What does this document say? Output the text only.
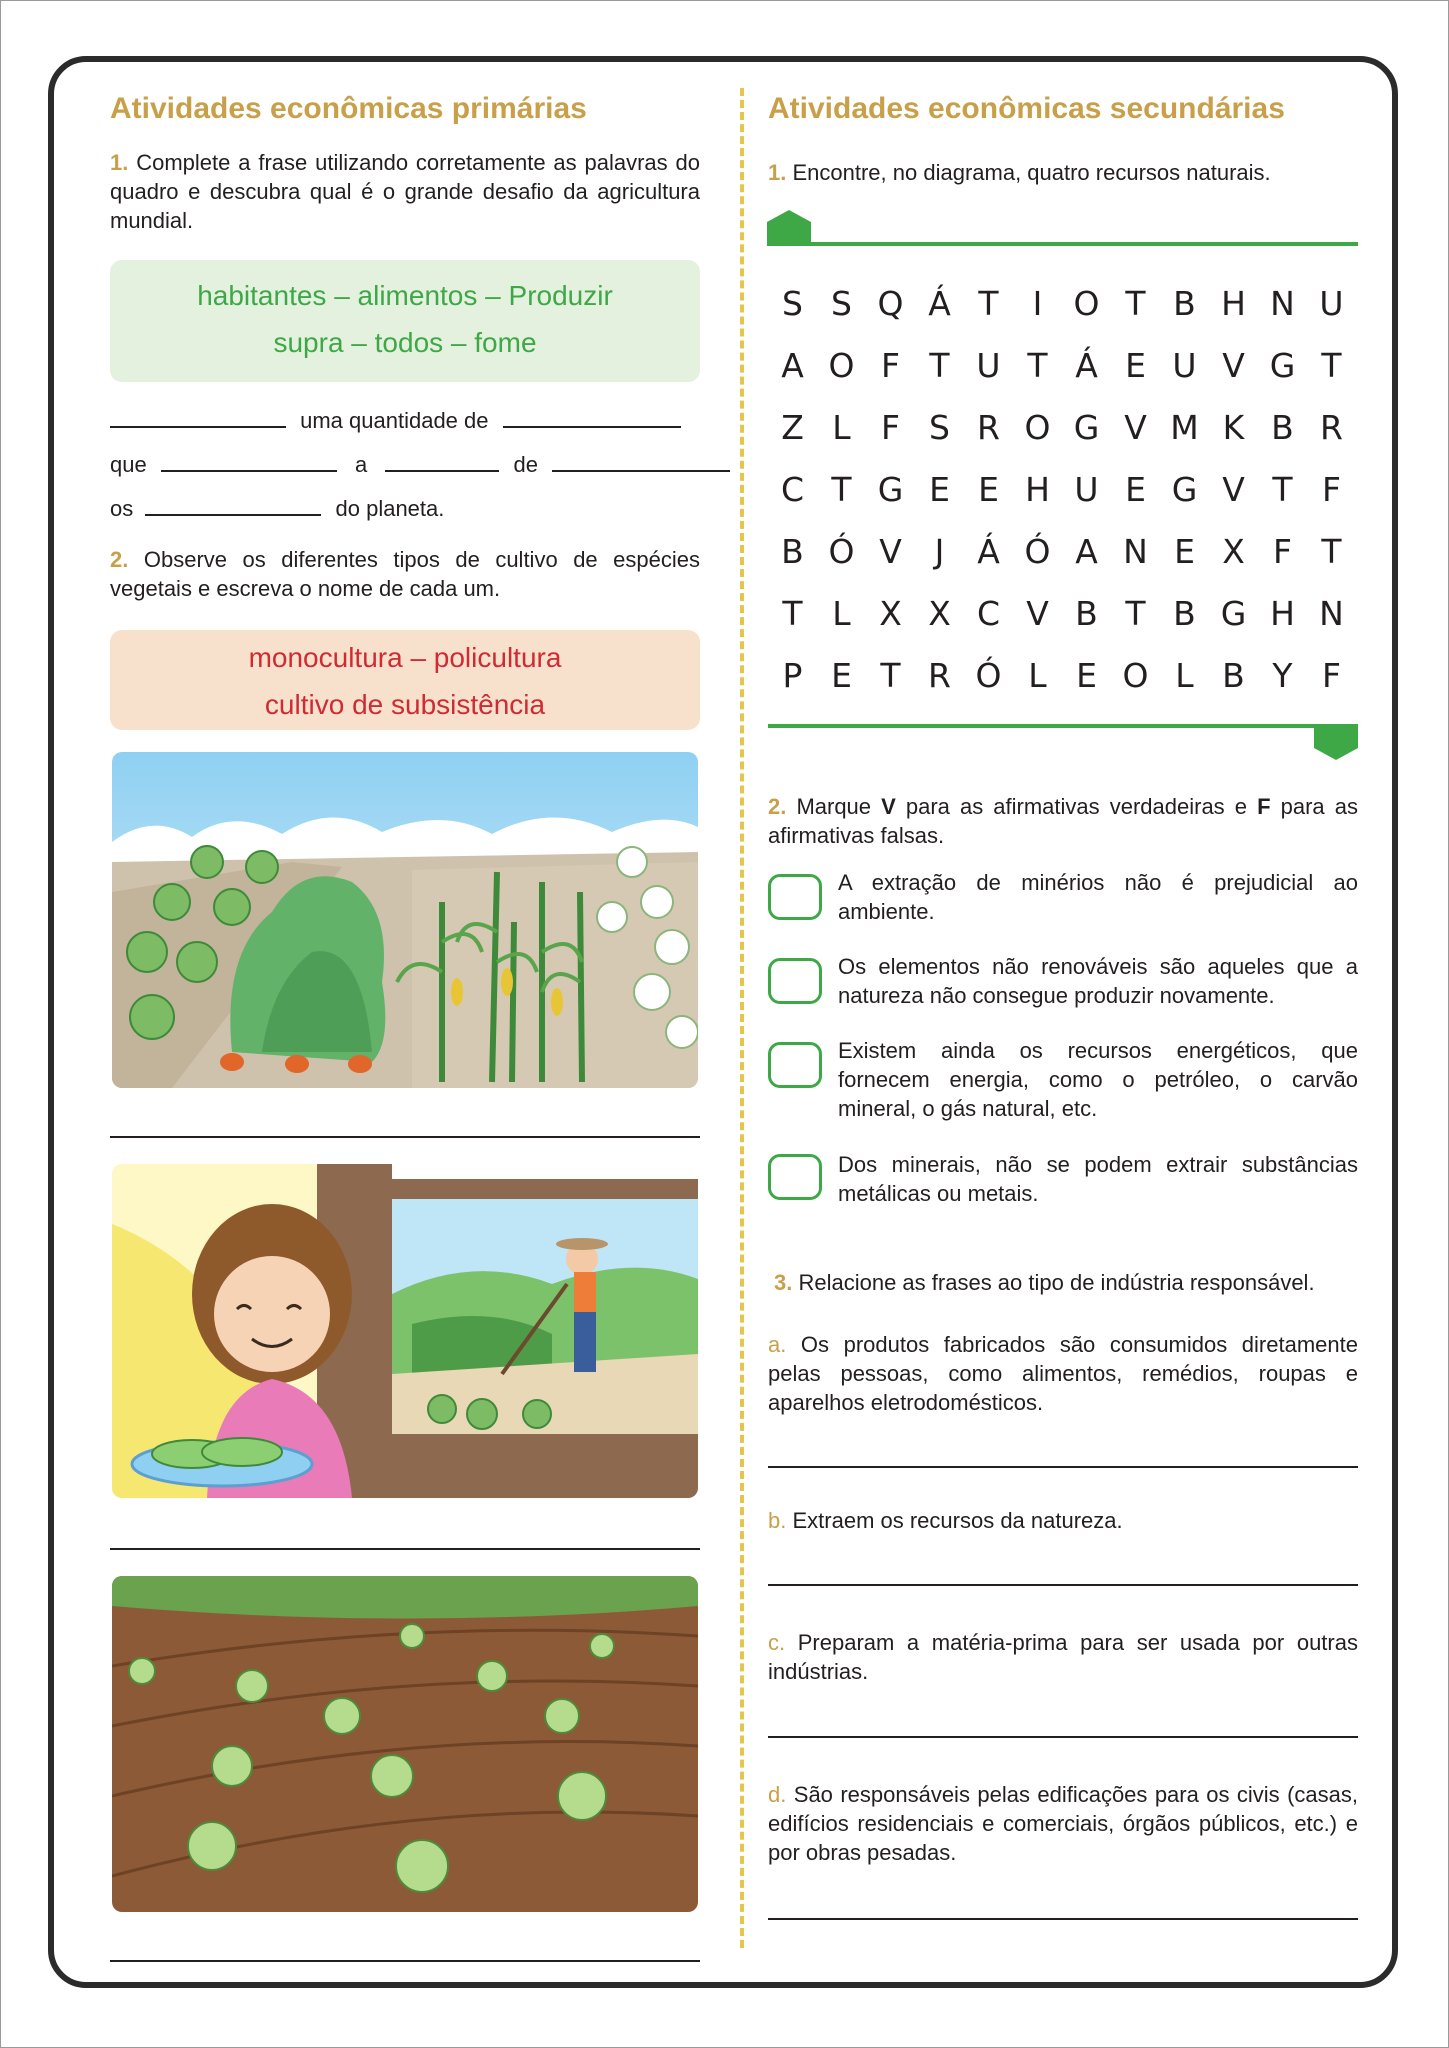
Atividades econômicas primárias
1. Complete a frase utilizando corretamente as palavras do quadro e descubra qual é o grande desafio da agricultura mundial.
habitantes – alimentos – Produzir
supra – todos – fome
uma quantidade de
que	a	de
os	do planeta.
2. Observe os diferentes tipos de cultivo de espécies vegetais e escreva o nome de cada um.
monocultura – policultura
cultivo de subsistência
Atividades econômicas secundárias
1. Encontre, no diagrama, quatro recursos naturais.
S S Q Á T	I O T B H N U
A O F T U T Á E U V G T
Z L F S R O G V M K B R
C T G E E H U E G V T F
B Ó V J Á Ó A N E X F T
T L X X C V B T B G H N
P E T R Ó L E O L B Y F
2. Marque V para as afirmativas verdadeiras e F para as afirmativas falsas.
A extração de minérios não é prejudicial ao ambiente.
Os elementos não renováveis são aqueles que a natureza não consegue produzir novamente.
Existem ainda os recursos energéticos, que fornecem energia, como o petróleo, o carvão mineral, o gás natural, etc.
Dos minerais, não se podem extrair substâncias metálicas ou metais.
3. Relacione as frases ao tipo de indústria responsável.
a. Os produtos fabricados são consumidos diretamente pelas pessoas, como alimentos, remédios, roupas e aparelhos eletrodomésticos.
b. Extraem os recursos da natureza.
c. Preparam a matéria-prima para ser usada por outras indústrias.
d. São responsáveis pelas edificações para os civis (casas, edifícios residenciais e comerciais, órgãos públicos, etc.) e por obras pesadas.
